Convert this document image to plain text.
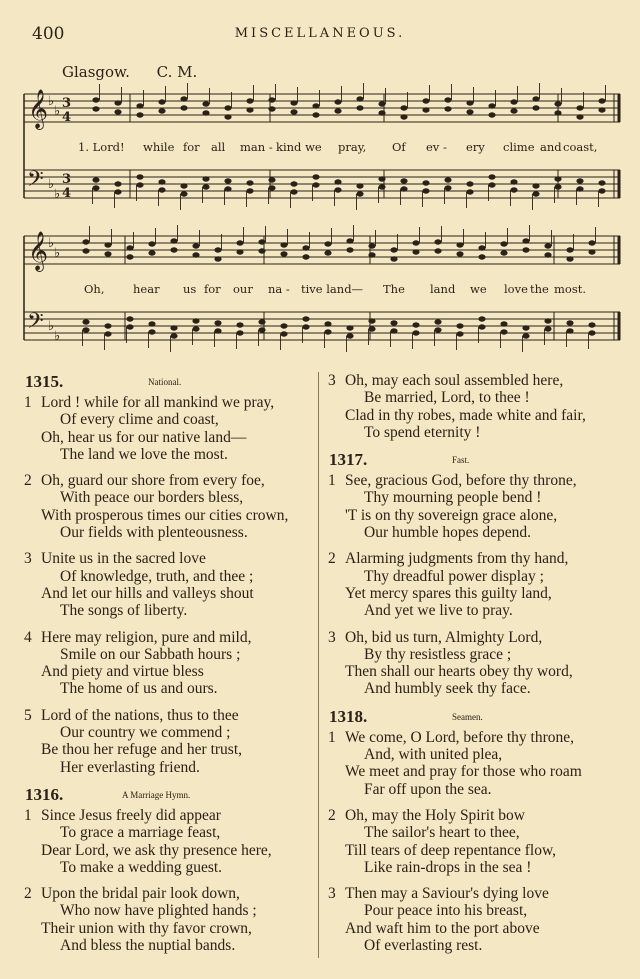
400	MISCELLANEOUS.
Glasgow. C. M.
𝄞
𝄢
♭
♭
♭
♭
3
4
3
4
𝄞
𝄢
♭
♭
♭
♭
1. Lord! while for all man - kind we pray, Of ev - ery clime and coast,
Oh, hear us for our na - tive land— The land we love the most.
1315.	National.
1 Lord ! while for all mankind we pray,
Of every clime and coast,
Oh, hear us for our native land—
The land we love the most.
2 Oh, guard our shore from every foe,
With peace our borders bless,
With prosperous times our cities crown,
Our fields with plenteousness.
3 Unite us in the sacred love
Of knowledge, truth, and thee ;
And let our hills and valleys shout
The songs of liberty.
4 Here may religion, pure and mild,
Smile on our Sabbath hours ;
And piety and virtue bless
The home of us and ours.
5 Lord of the nations, thus to thee
Our country we commend ;
Be thou her refuge and her trust,
Her everlasting friend.
1316.	A Marriage Hymn.
1 Since Jesus freely did appear
To grace a marriage feast,
Dear Lord, we ask thy presence here,
To make a wedding guest.
2 Upon the bridal pair look down,
Who now have plighted hands ;
Their union with thy favor crown,
And bless the nuptial bands.
3 Oh, may each soul assembled here,
Be married, Lord, to thee !
Clad in thy robes, made white and fair,
To spend eternity !
1317.	Fast.
1 See, gracious God, before thy throne,
Thy mourning people bend !
'T is on thy sovereign grace alone,
Our humble hopes depend.
2 Alarming judgments from thy hand,
Thy dreadful power display ;
Yet mercy spares this guilty land,
And yet we live to pray.
3 Oh, bid us turn, Almighty Lord,
By thy resistless grace ;
Then shall our hearts obey thy word,
And humbly seek thy face.
1318.	Seamen.
1 We come, O Lord, before thy throne,
And, with united plea,
We meet and pray for those who roam
Far off upon the sea.
2 Oh, may the Holy Spirit bow
The sailor's heart to thee,
Till tears of deep repentance flow,
Like rain-drops in the sea !
3 Then may a Saviour's dying love
Pour peace into his breast,
And waft him to the port above
Of everlasting rest.
